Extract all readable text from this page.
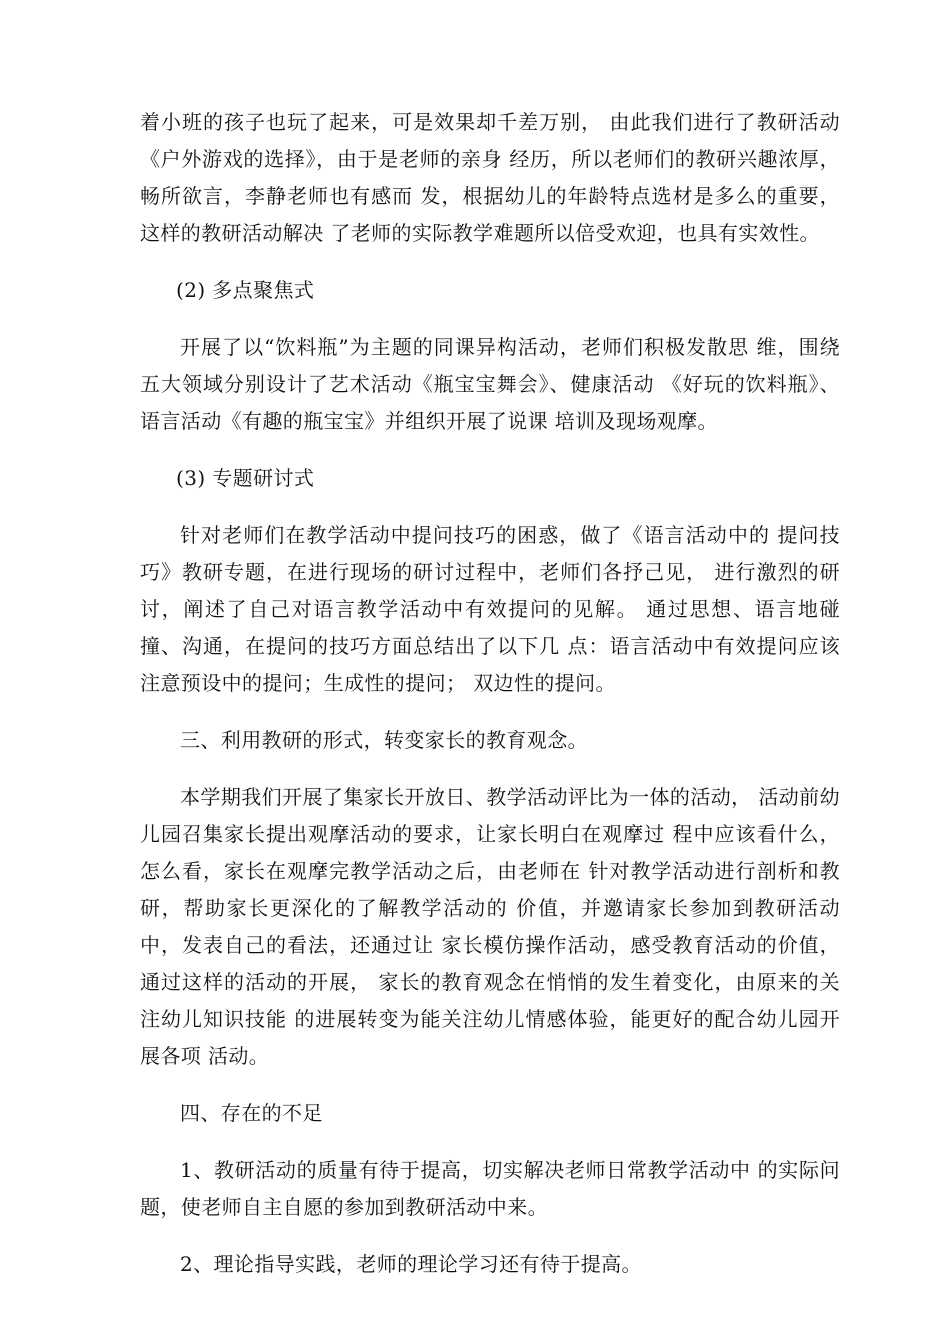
着小班的孩子也玩了起来，可是效果却千差万别， 由此我们进行了教研活动《户外游戏的选择》，由于是老师的亲身 经历，所以老师们的教研兴趣浓厚，畅所欲言，李静老师也有感而 发，根据幼儿的年龄特点选材是多么的重要，这样的教研活动解决 了老师的实际教学难题所以倍受欢迎，也具有实效性。

(2) 多点聚焦式

开展了以“饮料瓶”为主题的同课异构活动，老师们积极发散思 维，围绕五大领域分别设计了艺术活动《瓶宝宝舞会》、健康活动 《好玩的饮料瓶》、语言活动《有趣的瓶宝宝》并组织开展了说课 培训及现场观摩。

(3) 专题研讨式

针对老师们在教学活动中提问技巧的困惑，做了《语言活动中的 提问技巧》教研专题，在进行现场的研讨过程中，老师们各抒己见， 进行激烈的研讨，阐述了自己对语言教学活动中有效提问的见解。 通过思想、语言地碰撞、沟通，在提问的技巧方面总结出了以下几 点：语言活动中有效提问应该注意预设中的提问；生成性的提问； 双边性的提问。

三、利用教研的形式，转变家长的教育观念。

本学期我们开展了集家长开放日、教学活动评比为一体的活动， 活动前幼儿园召集家长提出观摩活动的要求，让家长明白在观摩过 程中应该看什么，怎么看，家长在观摩完教学活动之后，由老师在 针对教学活动进行剖析和教研，帮助家长更深化的了解教学活动的 价值，并邀请家长参加到教研活动中，发表自己的看法，还通过让 家长模仿操作活动，感受教育活动的价值，通过这样的活动的开展， 家长的教育观念在悄悄的发生着变化，由原来的关注幼儿知识技能 的进展转变为能关注幼儿情感体验，能更好的配合幼儿园开展各项 活动。

四、存在的不足

1、教研活动的质量有待于提高，切实解决老师日常教学活动中 的实际问题，使老师自主自愿的参加到教研活动中来。

2、理论指导实践，老师的理论学习还有待于提高。
